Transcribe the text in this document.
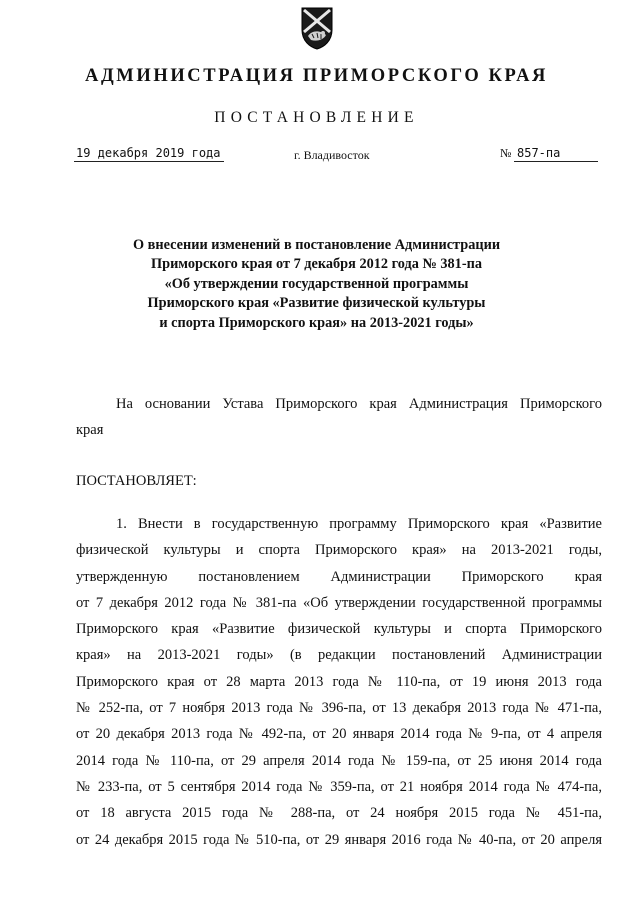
АДМИНИСТРАЦИЯ ПРИМОРСКОГО КРАЯ
ПОСТАНОВЛЕНИЕ
19 декабря 2019 года	г. Владивосток	№ 857-па
О внесении изменений в постановление Администрации
Приморского края от 7 декабря 2012 года № 381-па
«Об утверждении государственной программы
Приморского края «Развитие физической культуры
и спорта Приморского края» на 2013-2021 годы»
На основании Устава Приморского края Администрация Приморского
края
ПОСТАНОВЛЯЕТ:
1. Внести в государственную программу Приморского края «Развитие
физической культуры и спорта Приморского края» на 2013-2021 годы,
утвержденную постановлением Администрации Приморского края
от 7 декабря 2012 года № 381-па «Об утверждении государственной программы
Приморского края «Развитие физической культуры и спорта Приморского
края» на 2013-2021 годы» (в редакции постановлений Администрации
Приморского края от 28 марта 2013 года № 110-па, от 19 июня 2013 года
№ 252-па, от 7 ноября 2013 года № 396-па, от 13 декабря 2013 года № 471-па,
от 20 декабря 2013 года № 492-па, от 20 января 2014 года № 9-па, от 4 апреля
2014 года № 110-па, от 29 апреля 2014 года № 159-па, от 25 июня 2014 года
№ 233-па, от 5 сентября 2014 года № 359-па, от 21 ноября 2014 года № 474-па,
от 18 августа 2015 года № 288-па, от 24 ноября 2015 года № 451-па,
от 24 декабря 2015 года № 510-па, от 29 января 2016 года № 40-па, от 20 апреля
